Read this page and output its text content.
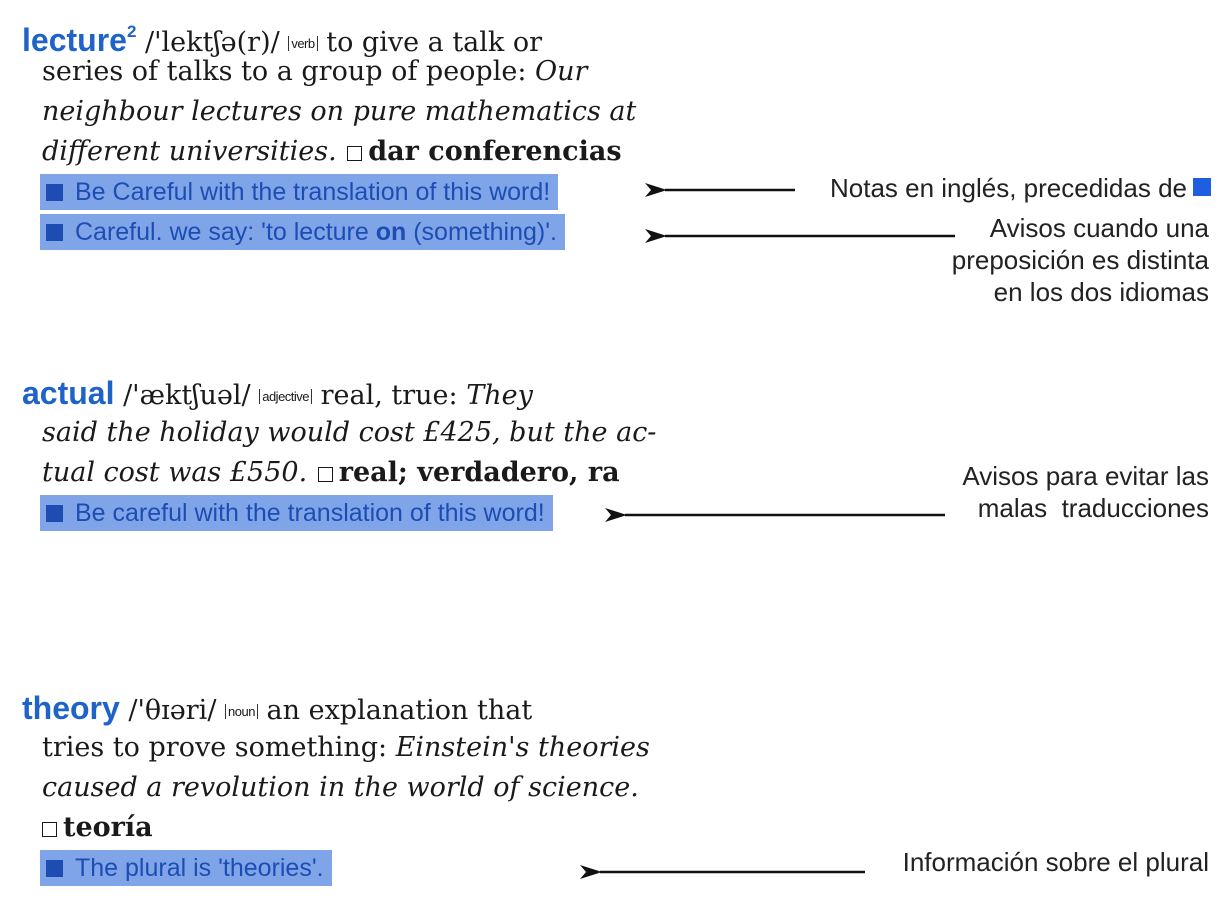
lecture$^2$ /'lektʃə(r)/ verb to give a talk or
series of talks to a group of people: Our
neighbour lectures on pure mathematics at
different universities. dar conferencias
Be Careful with the translation of this word!
Careful. we say: 'to lecture on (something)'.
actual /'æktʃuəl/ adjective real, true: They
said the holiday would cost £425, but the ac-
tual cost was £550. real; verdadero, ra
Be careful with the translation of this word!
theory /'θɪəri/ noun an explanation that
tries to prove something: Einstein's theories
caused a revolution in the world of science.
teoría
The plural is 'theories'.
Notas en inglés, precedidas de
Avisos cuando una
preposición es distinta
en los dos idiomas
Avisos para evitar las
malas  traducciones
Información sobre el plural
